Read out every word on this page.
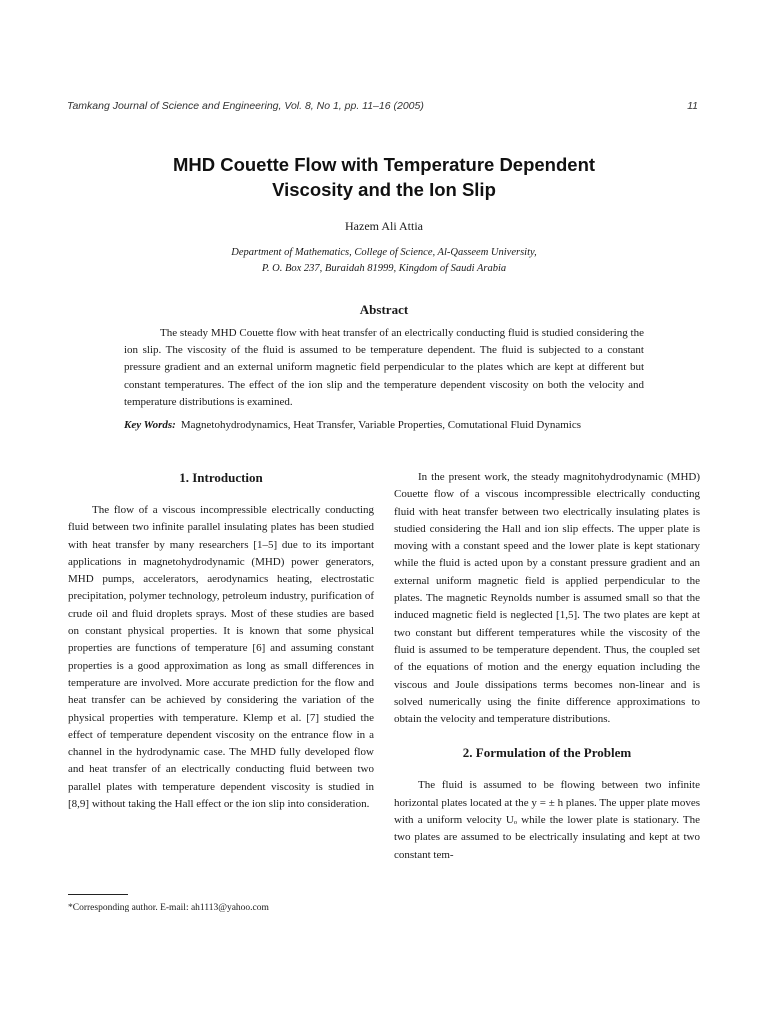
Tamkang Journal of Science and Engineering, Vol. 8, No 1, pp. 11–16 (2005)	11
MHD Couette Flow with Temperature Dependent
Viscosity and the Ion Slip
Hazem Ali Attia
Department of Mathematics, College of Science, Al-Qasseem University,
P. O. Box 237, Buraidah 81999, Kingdom of Saudi Arabia
Abstract

The steady MHD Couette flow with heat transfer of an electrically conducting fluid is studied considering the ion slip. The viscosity of the fluid is assumed to be temperature dependent. The fluid is subjected to a constant pressure gradient and an external uniform magnetic field perpendicular to the plates which are kept at different but constant temperatures. The effect of the ion slip and the temperature dependent viscosity on both the velocity and temperature distributions is examined.

Key Words: Magnetohydrodynamics, Heat Transfer, Variable Properties, Comutational Fluid Dynamics
1. Introduction

The flow of a viscous incompressible electrically conducting fluid between two infinite parallel insulating plates has been studied with heat transfer by many researchers [1–5] due to its important applications in magnetohydrodynamic (MHD) power generators, MHD pumps, accelerators, aerodynamics heating, electrostatic precipitation, polymer technology, petroleum industry, purification of crude oil and fluid droplets sprays. Most of these studies are based on constant physical properties. It is known that some physical properties are functions of temperature [6] and assuming constant properties is a good approximation as long as small differences in temperature are involved. More accurate prediction for the flow and heat transfer can be achieved by considering the variation of the physical properties with temperature. Klemp et al. [7] studied the effect of temperature dependent viscosity on the entrance flow in a channel in the hydrodynamic case. The MHD fully developed flow and heat transfer of an electrically conducting fluid between two parallel plates with temperature dependent viscosity is studied in [8,9] without taking the Hall effect or the ion slip into consideration.

In the present work, the steady magnitohydrodynamic (MHD) Couette flow of a viscous incompressible electrically conducting fluid with heat transfer between two electrically insulating plates is studied considering the Hall and ion slip effects. The upper plate is moving with a constant speed and the lower plate is kept stationary while the fluid is acted upon by a constant pressure gradient and an external uniform magnetic field is applied perpendicular to the plates. The magnetic Reynolds number is assumed small so that the induced magnetic field is neglected [1,5]. The two plates are kept at two constant but different temperatures while the viscosity of the fluid is assumed to be temperature dependent. Thus, the coupled set of the equations of motion and the energy equation including the viscous and Joule dissipations terms becomes non-linear and is solved numerically using the finite difference approximations to obtain the velocity and temperature distributions.

2. Formulation of the Problem

The fluid is assumed to be flowing between two infinite horizontal plates located at the y = ± h planes. The upper plate moves with a uniform velocity Uₒ while the lower plate is stationary. The two plates are assumed to be electrically insulating and kept at two constant tem-

*Corresponding author. E-mail: ah1113@yahoo.com
